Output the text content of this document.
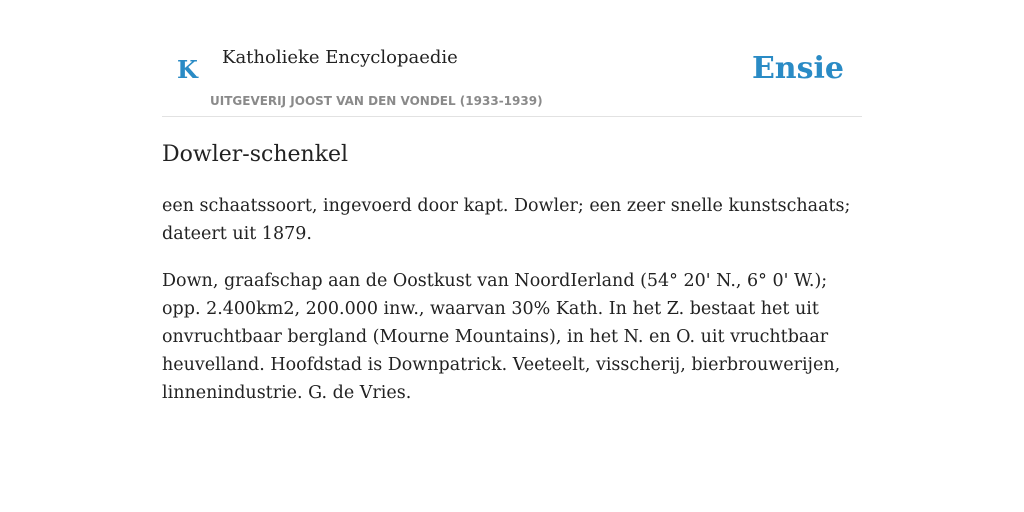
K Katholieke Encyclopaedie
UITGEVERIJ JOOST VAN DEN VONDEL (1933-1939)
Ensie
Dowler-schenkel

een schaatssoort, ingevoerd door kapt. Dowler; een zeer snelle kunstschaats; dateert uit 1879.

Down, graafschap aan de Oostkust van NoordIerland (54° 20' N., 6° 0' W.); opp. 2.400km2, 200.000 inw., waarvan 30% Kath. In het Z. bestaat het uit onvruchtbaar bergland (Mourne Mountains), in het N. en O. uit vruchtbaar heuvelland. Hoofdstad is Downpatrick. Veeteelt, visscherij, bierbrouwerijen, linnenindustrie. G. de Vries.
